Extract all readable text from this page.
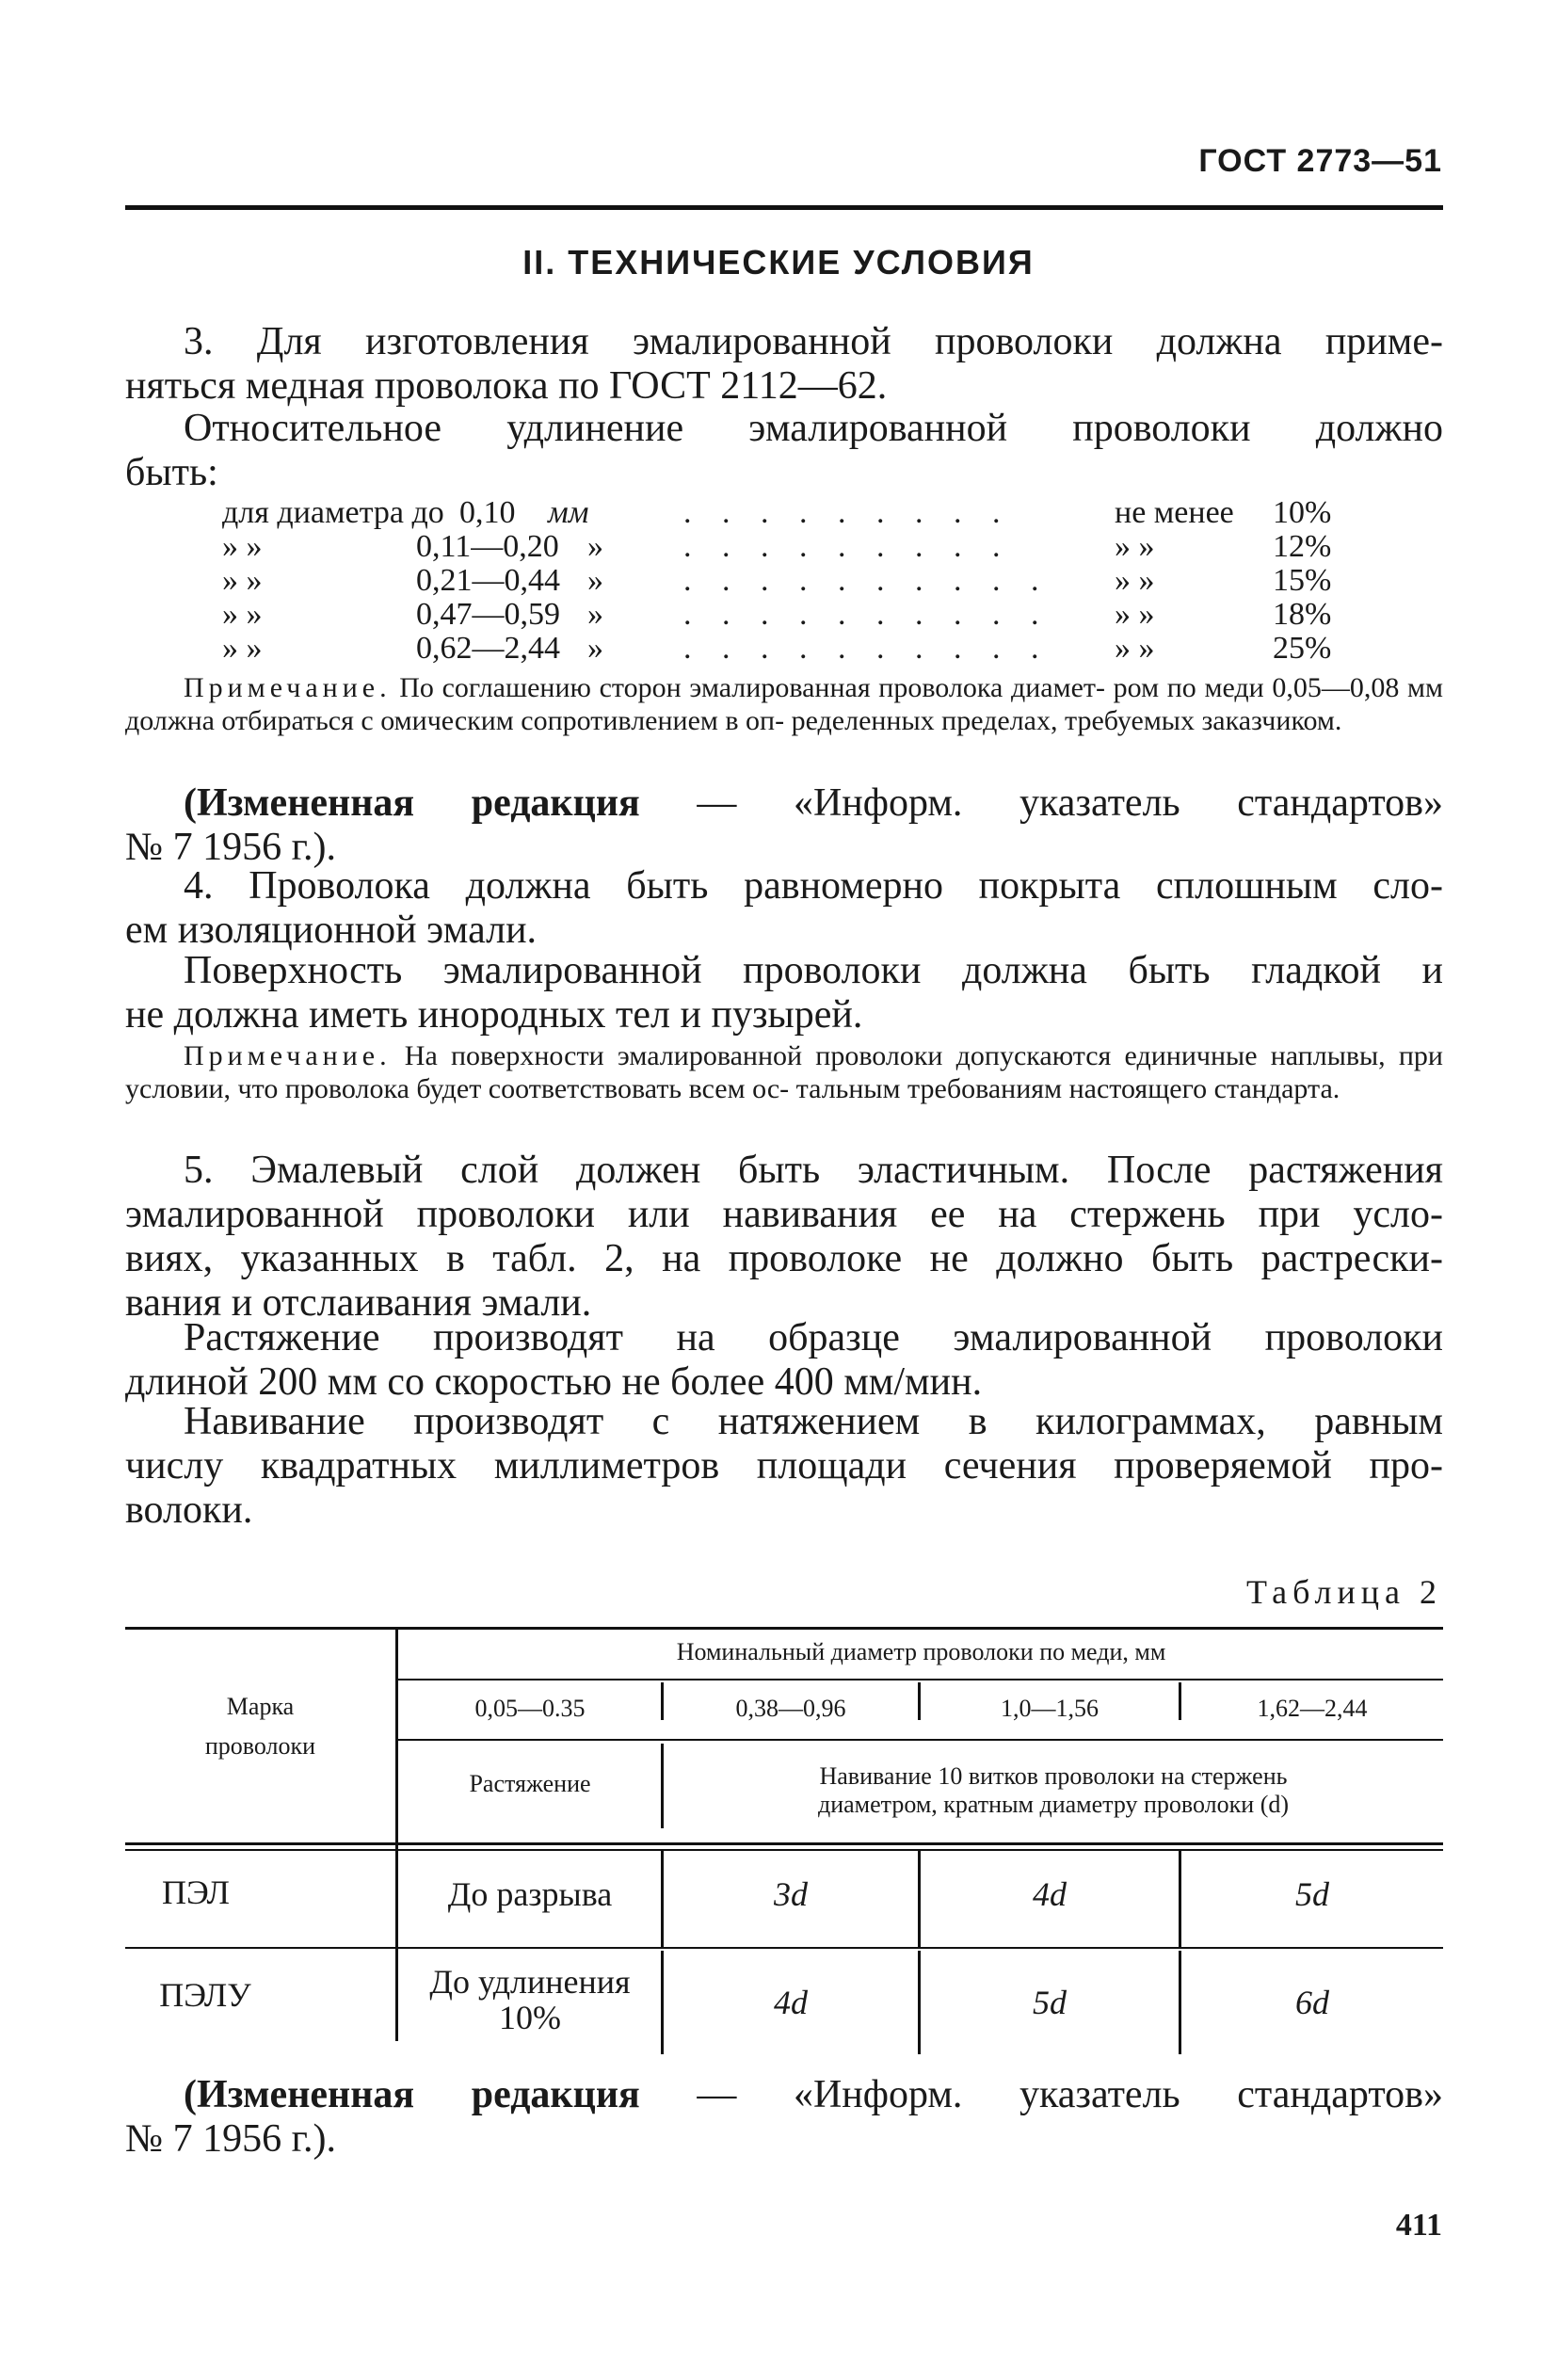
ГОСТ 2773—51
II. ТЕХНИЧЕСКИЕ УСЛОВИЯ
3. Для изготовления эмалированной проволоки должна приме-
няться медная проволока по ГОСТ 2112—62.
Относительное удлинение эмалированной проволоки должно
быть:
для диаметра до 0,10 мм	. . . . . . . . .	не менее 10%
» »	0,11—0,20 »	. . . . . . . . .	» »	12%
» »	0,21—0,44 »	. . . . . . . . . . » »	15%
» »	0,47—0,59 »	. . . . . . . . . . » »	18%
» »	0,62—2,44 »	. . . . . . . . . . » »	25%
Примечание. По соглашению сторон эмалированная проволока диамет- ром по меди 0,05—0,08 мм должна отбираться с омическим сопротивлением в оп- ределенных пределах, требуемых заказчиком.
(Измененная редакция — «Информ. указатель стандартов»
№ 7 1956 г.).
4. Проволока должна быть равномерно покрыта сплошным сло-
ем изоляционной эмали.
Поверхность эмалированной проволоки должна быть гладкой и
не должна иметь инородных тел и пузырей.
Примечание. На поверхности эмалированной проволоки допускаются единичные наплывы, при условии, что проволока будет соответствовать всем ос- тальным требованиям настоящего стандарта.
5. Эмалевый слой должен быть эластичным. После растяжения
эмалированной проволоки или навивания ее на стержень при усло-
виях, указанных в табл. 2, на проволоке не должно быть растрески-
вания и отслаивания эмали.
Растяжение производят на образце эмалированной проволоки
длиной 200 мм со скоростью не более 400 мм/мин.
Навивание производят с натяжением в килограммах, равным
числу квадратных миллиметров площади сечения проверяемой про-
волоки.
Таблица 2
Марка
проволоки
Номинальный диаметр проволоки по меди, мм
0,05—0.35	0,38—0,96	1,0—1,56	1,62—2,44
Растяжение	Навивание 10 витков проволоки на стержень
диаметром, кратным диаметру проволоки (d)
ПЭЛ	До разрыва	3d	4d	5d
ПЭЛУ	До удлинения
10%	4d	5d	6d
(Измененная редакция — «Информ. указатель стандартов»
№ 7 1956 г.).
411
